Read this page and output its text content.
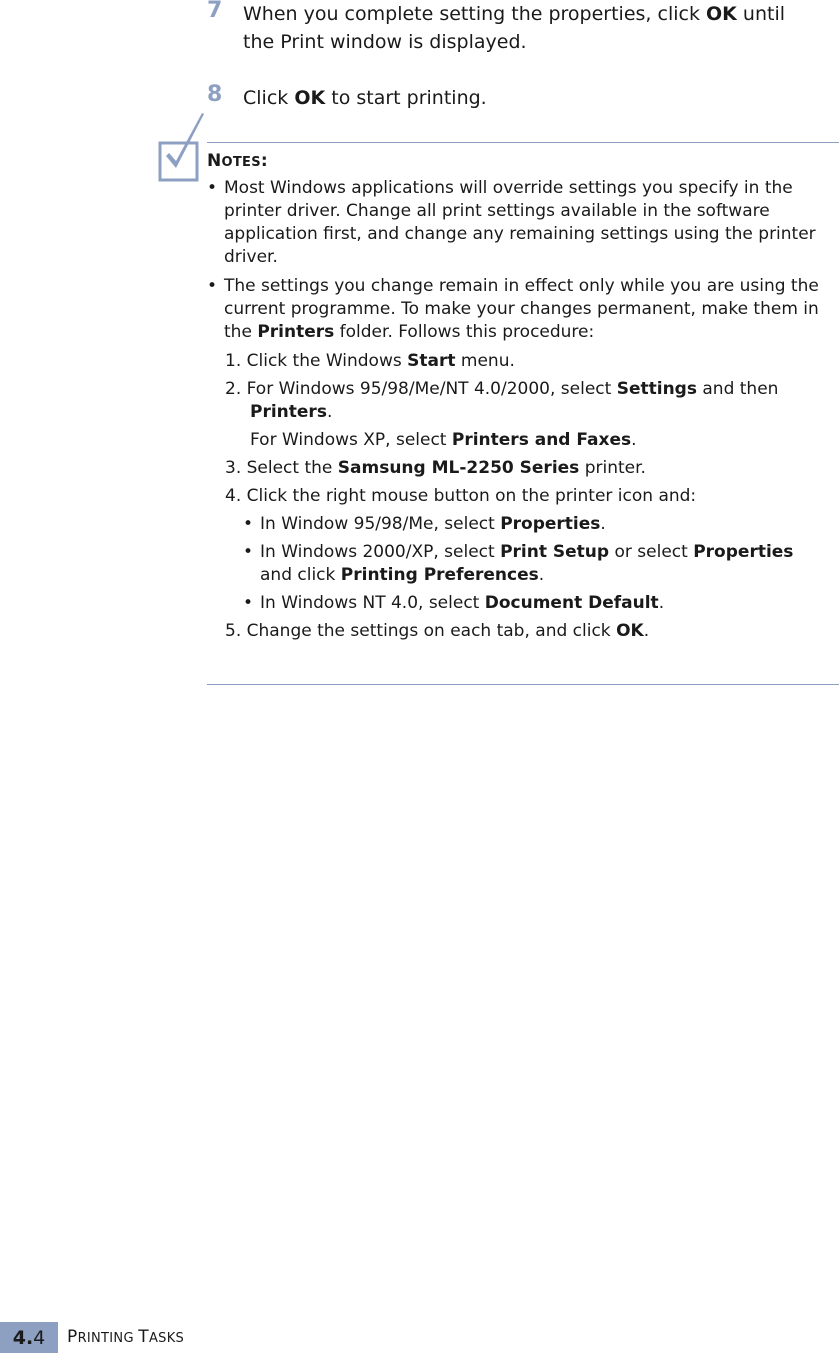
7 When you complete setting the properties, click OK until
the Print window is displayed.
8 Click OK to start printing.
NOTES:
• Most Windows applications will override settings you specify in the printer driver. Change all print settings available in the software application first, and change any remaining settings using the printer driver.
• The settings you change remain in effect only while you are using the current programme. To make your changes permanent, make them in the Printers folder. Follows this procedure:
1. Click the Windows Start menu.
2. For Windows 95/98/Me/NT 4.0/2000, select Settings and then Printers.
For Windows XP, select Printers and Faxes.
3. Select the Samsung ML-2250 Series printer.
4. Click the right mouse button on the printer icon and:
• In Window 95/98/Me, select Properties.
• In Windows 2000/XP, select Print Setup or select Properties and click Printing Preferences.
• In Windows NT 4.0, select Document Default.
5. Change the settings on each tab, and click OK.
4.4	PRINTING TASKS
